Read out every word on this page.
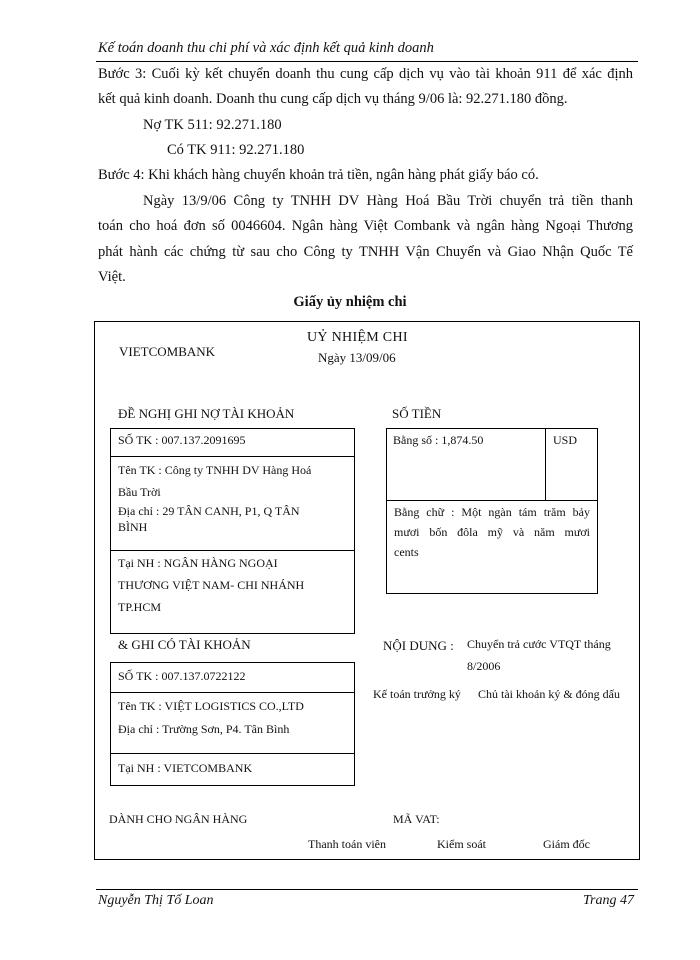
Kế toán doanh thu chi phí và xác định kết quả kinh doanh
Bước 3: Cuối kỳ kết chuyển doanh thu cung cấp dịch vụ vào tài khoản 911 để xác định
kết quả kinh doanh. Doanh thu cung cấp dịch vụ tháng 9/06 là: 92.271.180 đồng.
Nợ TK 511: 92.271.180
Có TK 911: 92.271.180
Bước 4: Khi khách hàng chuyển khoản trả tiền, ngân hàng phát giấy báo có.
Ngày 13/9/06 Công ty TNHH DV Hàng Hoá Bầu Trời chuyển trả tiền thanh
toán cho hoá đơn số 0046604. Ngân hàng Việt Combank và ngân hàng Ngoại Thương
phát hành các chứng từ sau cho Công ty TNHH Vận Chuyển và Giao Nhận Quốc Tế
Việt.
Giấy ủy nhiệm chi
VIETCOMBANK
UỶ NHIỆM CHI
Ngày 13/09/06
ĐỀ NGHỊ GHI NỢ TÀI KHOẢN	SỐ TIỀN
SỐ TK : 007.137.2091695
Tên TK : Công ty TNHH DV Hàng Hoá
Bầu Trời
Địa chỉ : 29 TÂN CANH, P1, Q TÂN
BÌNH
Tại NH : NGÂN HÀNG NGOẠI
THƯƠNG VIỆT NAM- CHI NHÁNH
TP.HCM
Bằng số : 1,874.50	USD
Bằng chữ : Một ngàn tám trăm bảy
mươi bốn đôla mỹ và năm mươi
cents
& GHI CÓ TÀI KHOẢN	NỘI DUNG : Chuyển trả cước VTQT tháng
8/2006
Kế toán trưởng ký Chủ tài khoản ký & đóng dấu
SỐ TK : 007.137.0722122
Tên TK : VIỆT LOGISTICS CO.,LTD
Địa chỉ : Trường Sơn, P4. Tân Bình
Tại NH : VIETCOMBANK
DÀNH CHO NGÂN HÀNG	MÃ VAT:
Thanh toán viên	Kiểm soát	Giám đốc
Nguyễn Thị Tố Loan	Trang 47
